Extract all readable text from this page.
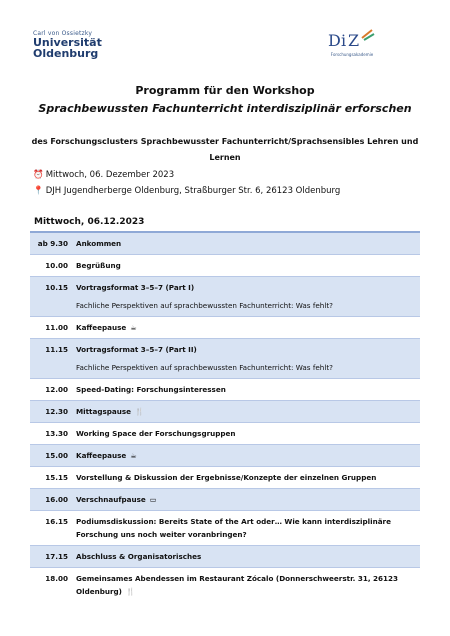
Carl von Ossietzky
Universität
Oldenburg
D i Z
Forschungsakademie
Programm für den Workshop
Sprachbewussten Fachunterricht interdisziplinär erforschen
des Forschungsclusters Sprachbewusster Fachunterricht/Sprachsensibles Lehren und Lernen
⏰ Mittwoch, 06. Dezember 2023
📍 DJH Jugendherberge Oldenburg, Straßburger Str. 6, 26123 Oldenburg
Mittwoch, 06.12.2023
ab 9.30 Ankommen
10.00 Begrüßung
10.15 Vortragsformat 3–5–7 (Part I)
Fachliche Perspektiven auf sprachbewussten Fachunterricht: Was fehlt?
11.00 Kaffeepause ☕
11.15 Vortragsformat 3–5–7 (Part II)
Fachliche Perspektiven auf sprachbewussten Fachunterricht: Was fehlt?
12.00 Speed-Dating: Forschungsinteressen
12.30 Mittagspause 🍴
13.30 Working Space der Forschungsgruppen
15.00 Kaffeepause ☕
15.15 Vorstellung & Diskussion der Ergebnisse/Konzepte der einzelnen Gruppen
16.00 Verschnaufpause ▭
16.15 Podiumsdiskussion: Bereits State of the Art oder… Wie kann interdisziplinäre Forschung uns noch weiter voranbringen?
17.15 Abschluss & Organisatorisches
18.00 Gemeinsames Abendessen im Restaurant Zócalo (Donnerschweerstr. 31, 26123 Oldenburg) 🍴
